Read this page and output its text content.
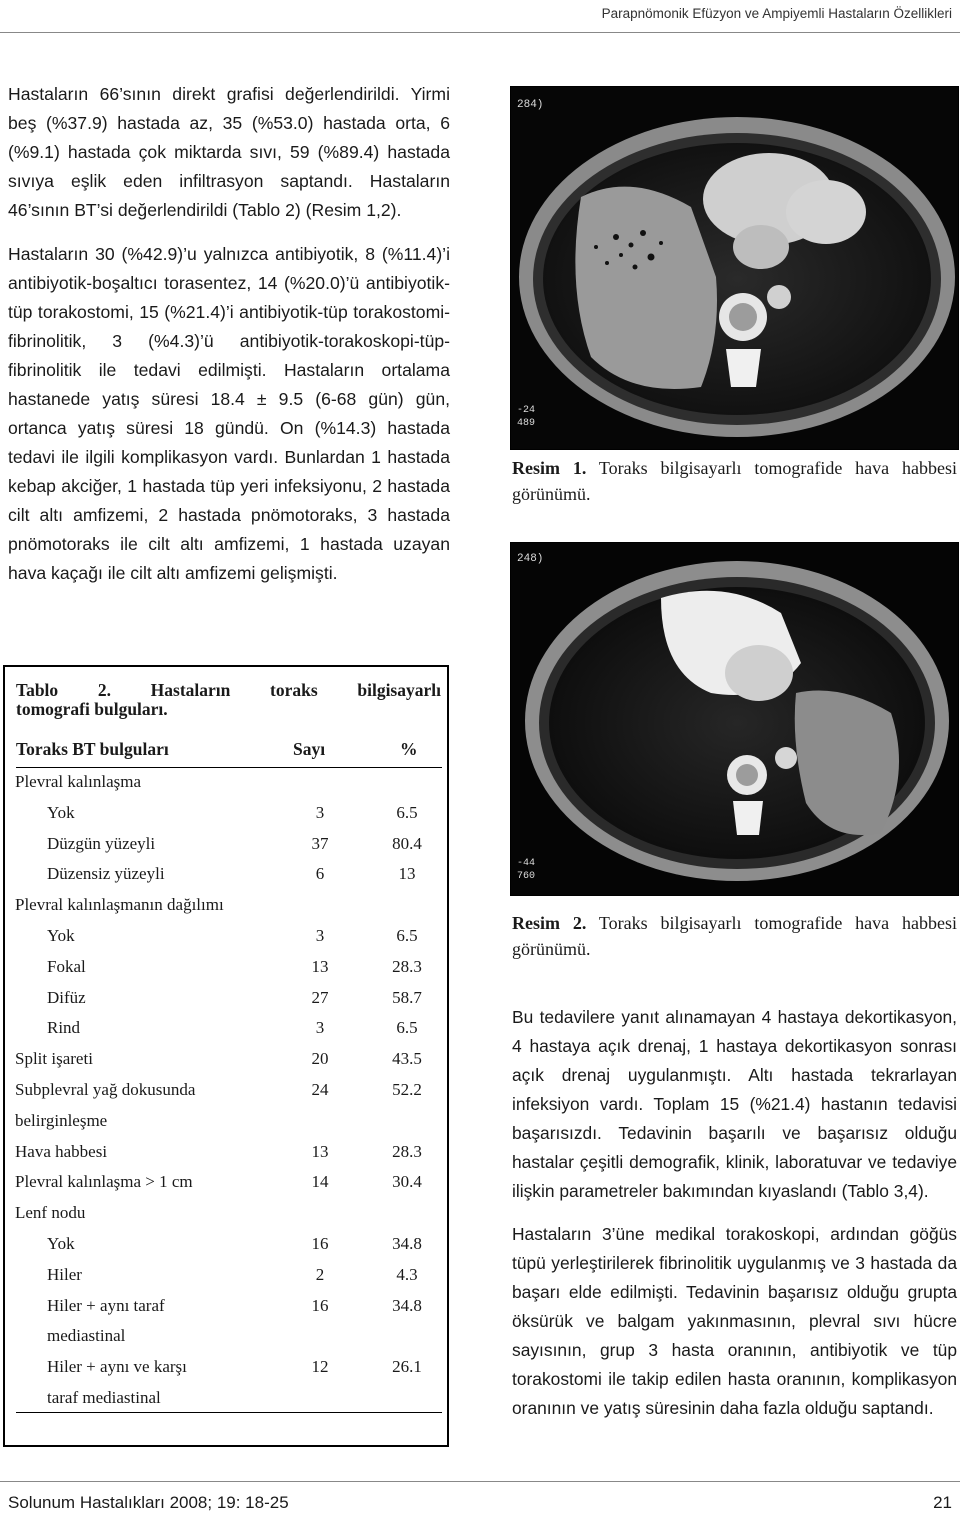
Parapnömonik Efüzyon ve Ampiyemli Hastaların Özellikleri

Hastaların 66’sının direkt grafisi değerlendirildi. Yirmi beş (%37.9) hastada az, 35 (%53.0) hastada orta, 6 (%9.1) hastada çok miktarda sıvı, 59 (%89.4) hastada sıvıya eşlik eden infiltrasyon saptandı. Hastaların 46’sının BT’si değerlendirildi (Tablo 2) (Resim 1,2).

Hastaların 30 (%42.9)’u yalnızca antibiyotik, 8 (%11.4)’i antibiyotik-boşaltıcı torasentez, 14 (%20.0)’ü antibiyotik-tüp torakostomi, 15 (%21.4)’i antibiyotik-tüp torakostomi-fibrinolitik, 3 (%4.3)’ü antibiyotik-torakoskopi-tüp-fibrinolitik ile tedavi edilmişti. Hastaların ortalama hastanede yatış süresi 18.4 ± 9.5 (6-68 gün) gün, ortanca yatış süresi 18 gündü. On (%14.3) hastada tedavi ile ilgili komplikasyon vardı. Bunlardan 1 hastada kebap akciğer, 1 hastada tüp yeri infeksiyonu, 2 hastada cilt altı amfizemi, 2 hastada pnömotoraks, 3 hastada pnömotoraks ile cilt altı amfizemi, 1 hastada uzayan hava kaçağı ile cilt altı amfizemi gelişmişti.

Tablo 2. Hastaların toraks bilgisayarlı
tomografi bulguları.
Toraks BT bulguları	Sayı	%
Plevral kalınlaşma
Yok	3	6.5
Düzgün yüzeyli	37	80.4
Düzensiz yüzeyli	6	13
Plevral kalınlaşmanın dağılımı
Yok	3	6.5
Fokal	13	28.3
Difüz	27	58.7
Rind	3	6.5
Split işareti	20	43.5
Subplevral yağ dokusunda	24	52.2
belirginleşme
Hava habbesi	13	28.3
Plevral kalınlaşma > 1 cm	14	30.4
Lenf nodu
Yok	16	34.8
Hiler	2	4.3
Hiler + aynı taraf	16	34.8
mediastinal
Hiler + aynı ve karşı	12	26.1
taraf mediastinal
284)
-24
489
Resim 1. Toraks bilgisayarlı tomografide hava habbesi görünümü.
248)
-44
760
Resim 2. Toraks bilgisayarlı tomografide hava habbesi görünümü.

Bu tedavilere yanıt alınamayan 4 hastaya dekortikasyon, 4 hastaya açık drenaj, 1 hastaya dekortikasyon sonrası açık drenaj uygulanmıştı. Altı hastada tekrarlayan infeksiyon vardı. Toplam 15 (%21.4) hastanın tedavisi başarısızdı. Tedavinin başarılı ve başarısız olduğu hastalar çeşitli demografik, klinik, laboratuvar ve tedaviye ilişkin parametreler bakımından kıyaslandı (Tablo 3,4).

Hastaların 3’üne medikal torakoskopi, ardından göğüs tüpü yerleştirilerek fibrinolitik uygulanmış ve 3 hastada da başarı elde edilmişti. Tedavinin başarısız olduğu grupta öksürük ve balgam yakınmasının, plevral sıvı hücre sayısının, grup 3 hasta oranının, antibiyotik ve tüp torakostomi ile takip edilen hasta oranının, komplikasyon oranının ve yatış süresinin daha fazla olduğu saptandı.

Solunum Hastalıkları 2008; 19: 18-25	21
